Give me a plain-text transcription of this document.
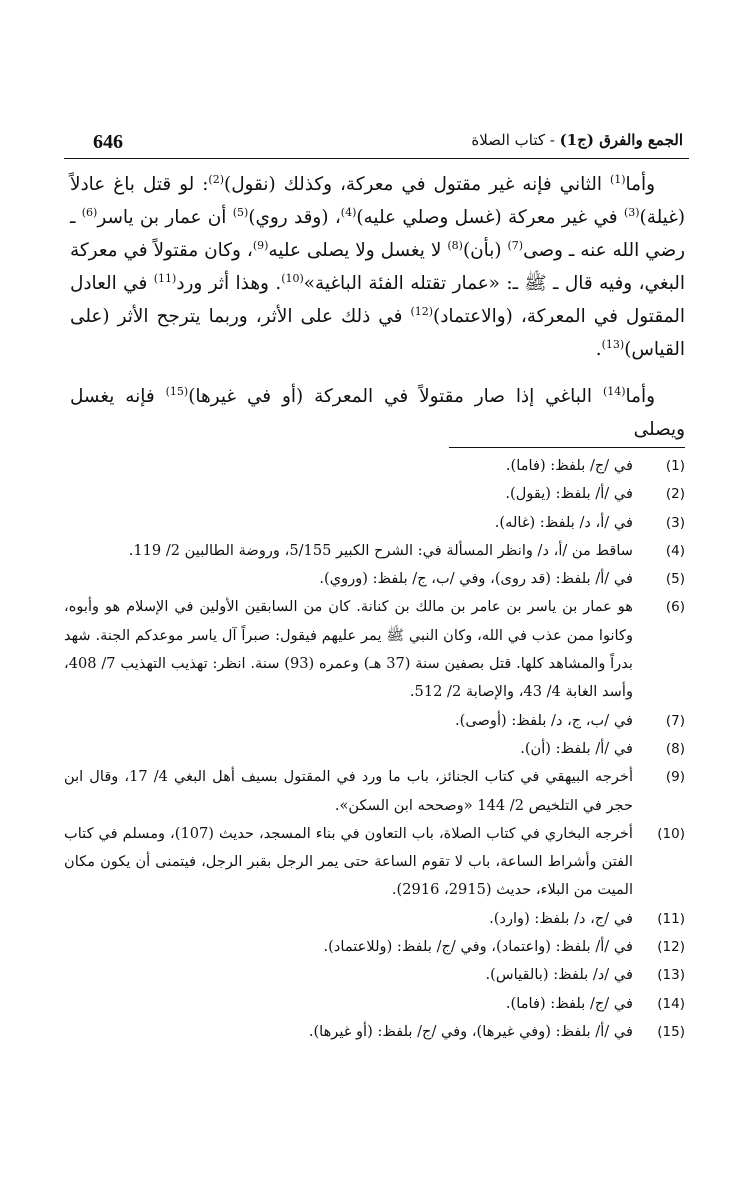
646	الجمع والفرق (ج1) - كتاب الصلاة

وأما$^{(1)}$ الثاني فإنه غير مقتول في معركة، وكذلك (نقول)$^{(2)}$: لو قتل باغ عادلاً (غيلة)$^{(3)}$ في غير معركة (غسل وصلي عليه)$^{(4)}$، (وقد روي)$^{(5)}$ أن عمار بن ياسر$^{(6)}$ ـ رضي الله عنه ـ وصى$^{(7)}$ (بأن)$^{(8)}$ لا يغسل ولا يصلى عليه$^{(9)}$، وكان مقتولاً في معركة البغي، وفيه قال ـ ﷺ ـ: «عمار تقتله الفئة الباغية»$^{(10)}$. وهذا أثر ورد$^{(11)}$ في العادل المقتول في المعركة، (والاعتماد)$^{(12)}$ في ذلك على الأثر، وربما يترجح الأثر (على القياس)$^{(13)}$.

وأما$^{(14)}$ الباغي إذا صار مقتولاً في المعركة (أو في غيرها)$^{(15)}$ فإنه يغسل ويصلى

(1)
في /ج/ بلفظ: (فاما).
(2)
في /أ/ بلفظ: (يقول).
(3)
في /أ، د/ بلفظ: (غاله).
(4)
ساقط من /أ، د/ وانظر المسألة في: الشرح الكبير 5/155، وروضة الطالبين 2/ 119.
(5)
في /أ/ بلفظ: (قد روى)، وفي /ب، ج/ بلفظ: (وروي).
(6)
هو عمار بن ياسر بن عامر بن مالك بن كنانة. كان من السابقين الأولين في الإسلام هو وأبوه، وكانوا ممن عذب في الله، وكان النبي ﷺ يمر عليهم فيقول: صبراً آل ياسر موعدكم الجنة. شهد بدراً والمشاهد كلها. قتل بصفين سنة (37 هـ) وعمره (93) سنة. انظر: تهذيب التهذيب 7/ 408، وأسد الغابة 4/ 43، والإصابة 2/ 512.
(7)
في /ب، ج، د/ بلفظ: (أوصى).
(8)
في /أ/ بلفظ: (أن).
(9)
أخرجه البيهقي في كتاب الجنائز، باب ما ورد في المقتول بسيف أهل البغي 4/ 17، وقال ابن حجر في التلخيص 2/ 144 «وصححه ابن السكن».
(10)
أخرجه البخاري في كتاب الصلاة، باب التعاون في بناء المسجد، حديث (107)، ومسلم في كتاب الفتن وأشراط الساعة، باب لا تقوم الساعة حتى يمر الرجل بقبر الرجل، فيتمنى أن يكون مكان الميت من البلاء، حديث (2915، 2916).
(11)
في /ج، د/ بلفظ: (وارد).
(12)
في /أ/ بلفظ: (واعتماد)، وفي /ج/ بلفظ: (وللاعتماد).
(13)
في /د/ بلفظ: (بالقياس).
(14)
في /ج/ بلفظ: (فاما).
(15)
في /أ/ بلفظ: (وفي غيرها)، وفي /ج/ بلفظ: (أو غيرها).
